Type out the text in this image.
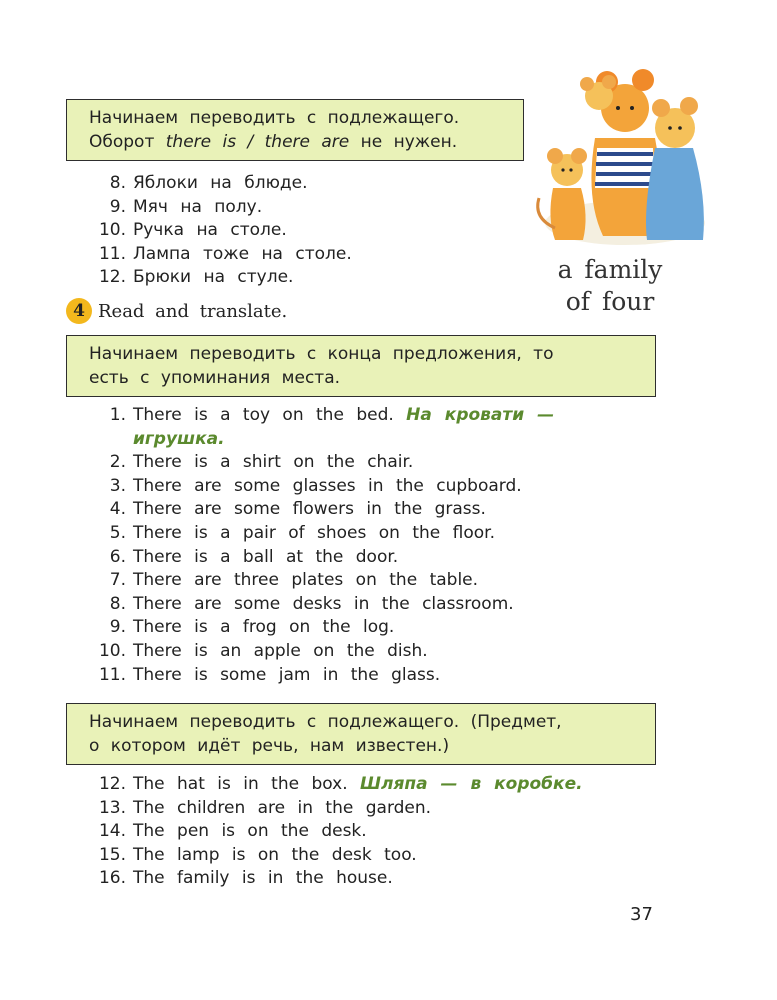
Начинаем переводить с подлежащего.
Оборот there is / there are не нужен.
8. Яблоки на блюде.
9. Мяч на полу.
10. Ручка на столе.
11. Лампа тоже на столе.
12. Брюки на стуле.	a family
of four
4 Read and translate.
Начинаем переводить с конца предложения, то
есть с упоминания места.
1. There is a toy on the bed. На кровати —
игрушка.
2. There is a shirt on the chair.
3. There are some glasses in the cupboard.
4. There are some flowers in the grass.
5. There is a pair of shoes on the floor.
6. There is a ball at the door.
7. There are three plates on the table.
8. There are some desks in the classroom.
9. There is a frog on the log.
10. There is an apple on the dish.
11. There is some jam in the glass.
Начинаем переводить с подлежащего. (Предмет,
о котором идёт речь, нам известен.)
12. The hat is in the box. Шляпа — в коробке.
13. The children are in the garden.
14. The pen is on the desk.
15. The lamp is on the desk too.
16. The family is in the house.
37
